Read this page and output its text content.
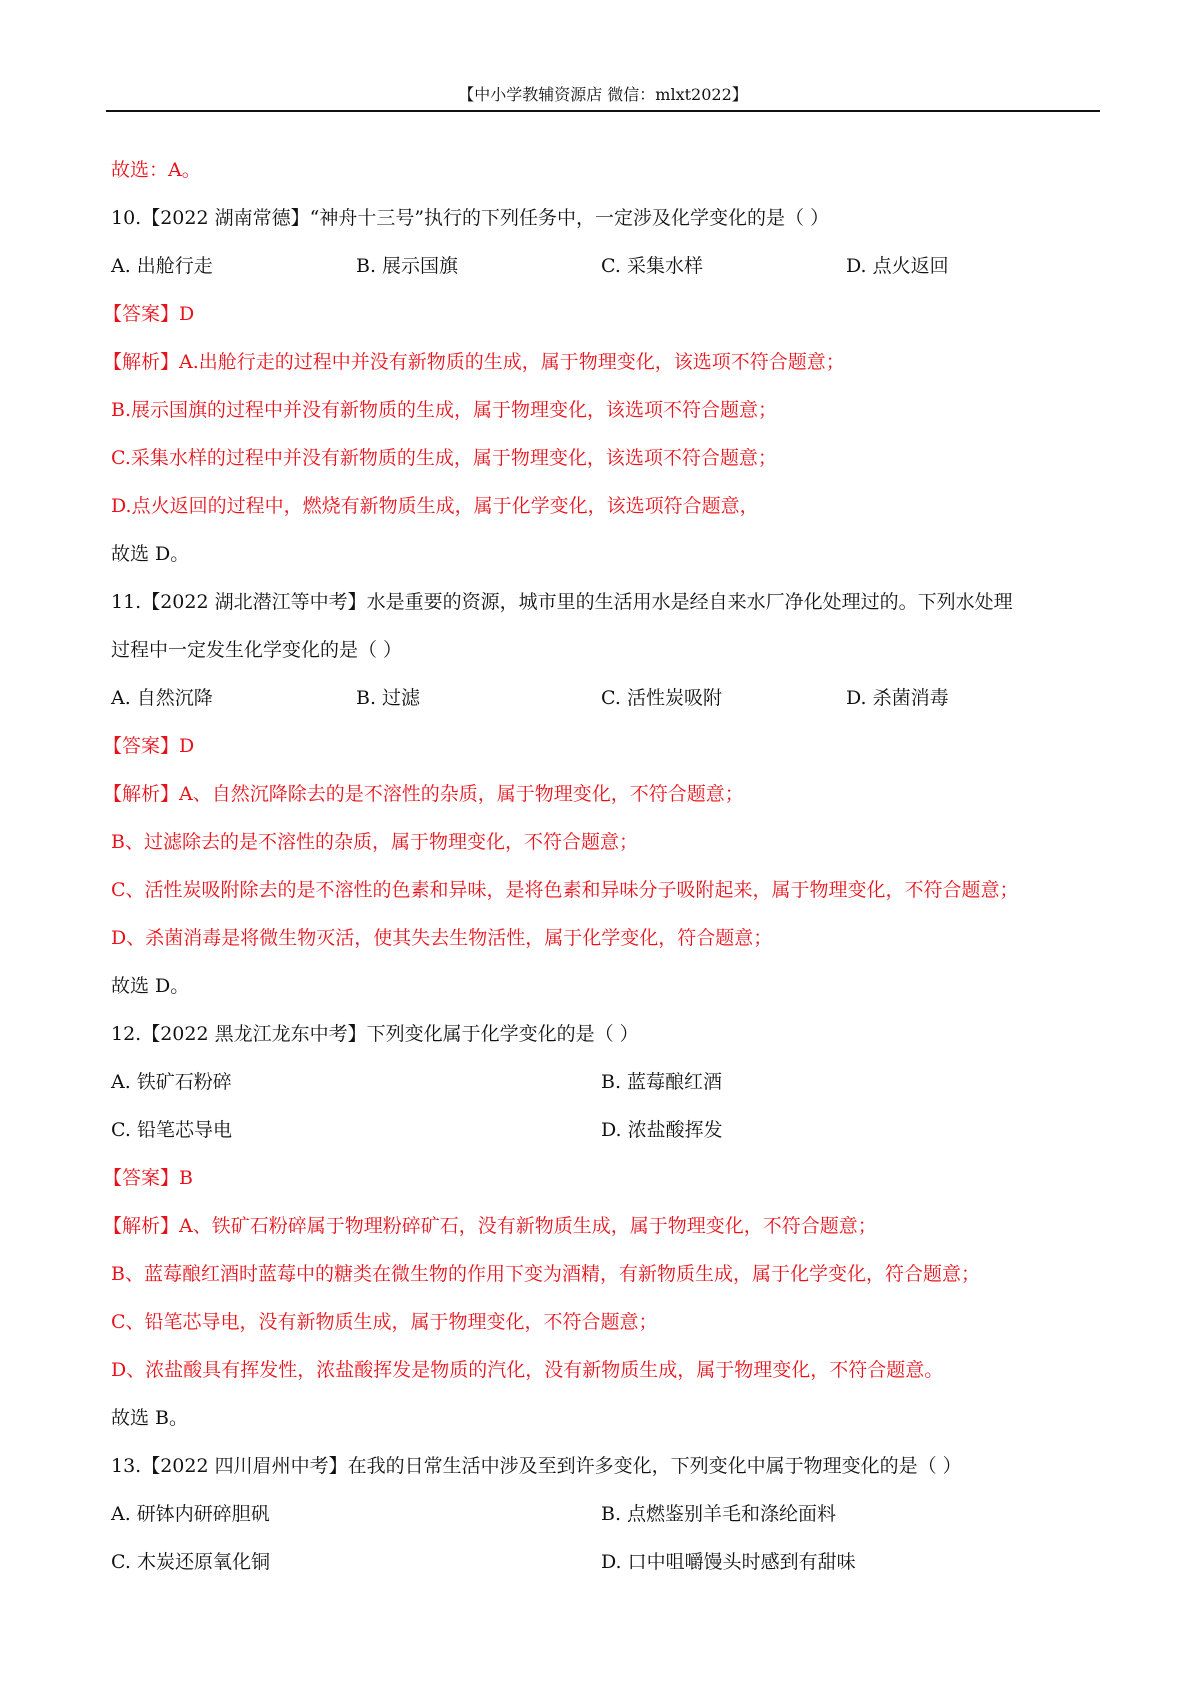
【中小学教辅资源店 微信：mlxt2022】
故选：A。
10.【2022 湖南常德】“神舟十三号”执行的下列任务中，一定涉及化学变化的是（ ）
A. 出舱行走	B. 展示国旗	C. 采集水样	D. 点火返回
【答案】D
【解析】A.出舱行走的过程中并没有新物质的生成，属于物理变化，该选项不符合题意；
B.展示国旗的过程中并没有新物质的生成，属于物理变化，该选项不符合题意；
C.采集水样的过程中并没有新物质的生成，属于物理变化，该选项不符合题意；
D.点火返回的过程中，燃烧有新物质生成，属于化学变化，该选项符合题意，
故选 D。
11.【2022 湖北潜江等中考】水是重要的资源，城市里的生活用水是经自来水厂净化处理过的。下列水处理
过程中一定发生化学变化的是（ ）
A. 自然沉降	B. 过滤	C. 活性炭吸附	D. 杀菌消毒
【答案】D
【解析】A、自然沉降除去的是不溶性的杂质，属于物理变化，不符合题意；
B、过滤除去的是不溶性的杂质，属于物理变化，不符合题意；
C、活性炭吸附除去的是不溶性的色素和异味，是将色素和异味分子吸附起来，属于物理变化，不符合题意；
D、杀菌消毒是将微生物灭活，使其失去生物活性，属于化学变化，符合题意；
故选 D。
12.【2022 黑龙江龙东中考】下列变化属于化学变化的是（ ）
A. 铁矿石粉碎	B. 蓝莓酿红酒
C. 铅笔芯导电	D. 浓盐酸挥发
【答案】B
【解析】A、铁矿石粉碎属于物理粉碎矿石，没有新物质生成，属于物理变化，不符合题意；
B、蓝莓酿红酒时蓝莓中的糖类在微生物的作用下变为酒精，有新物质生成，属于化学变化，符合题意；
C、铅笔芯导电，没有新物质生成，属于物理变化，不符合题意；
D、浓盐酸具有挥发性，浓盐酸挥发是物质的汽化，没有新物质生成，属于物理变化，不符合题意。
故选 B。
13.【2022 四川眉州中考】在我的日常生活中涉及至到许多变化，下列变化中属于物理变化的是（ ）
A. 研钵内研碎胆矾	B. 点燃鉴别羊毛和涤纶面料
C. 木炭还原氧化铜	D. 口中咀嚼馒头时感到有甜味
